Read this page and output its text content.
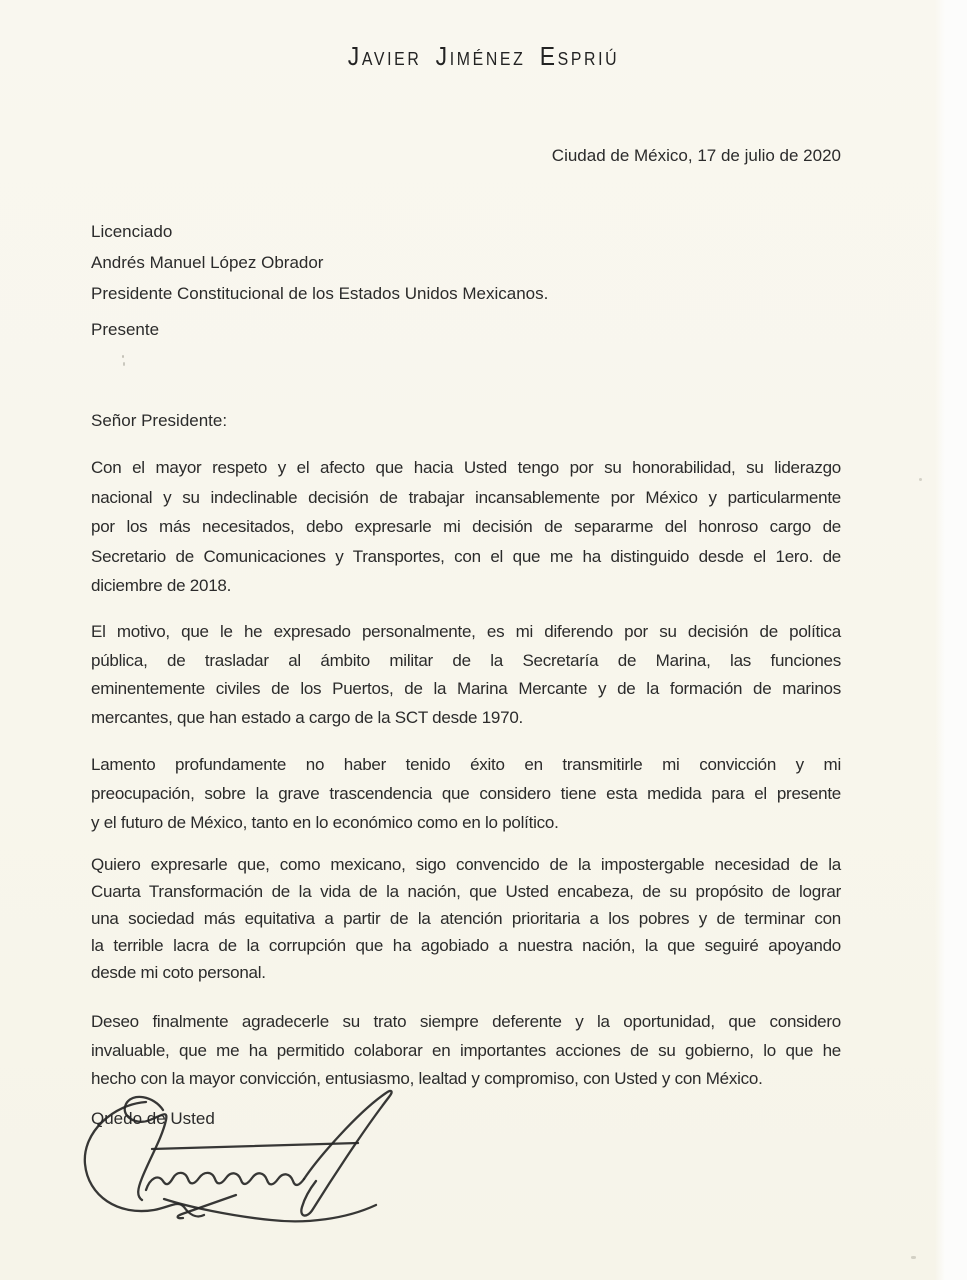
Javier Jiménez Espriú
Ciudad de México, 17 de julio de 2020
Licenciado
Andrés Manuel López Obrador
Presidente Constitucional de los Estados Unidos Mexicanos.
Presente
Señor Presidente:
Con el mayor respeto y el afecto que hacia Usted tengo por su honorabilidad, su liderazgo
nacional y su indeclinable decisión de trabajar incansablemente por México y particularmente
por los más necesitados, debo expresarle mi decisión de separarme del honroso cargo de
Secretario de Comunicaciones y Transportes, con el que me ha distinguido desde el 1ero. de
diciembre de 2018.
El motivo, que le he expresado personalmente, es mi diferendo por su decisión de política
pública, de trasladar al ámbito militar de la Secretaría de Marina, las funciones
eminentemente civiles de los Puertos, de la Marina Mercante y de la formación de marinos
mercantes, que han estado a cargo de la SCT desde 1970.
Lamento profundamente no haber tenido éxito en transmitirle mi convicción y mi
preocupación, sobre la grave trascendencia que considero tiene esta medida para el presente
y el futuro de México, tanto en lo económico como en lo político.
Quiero expresarle que, como mexicano, sigo convencido de la impostergable necesidad de la
Cuarta Transformación de la vida de la nación, que Usted encabeza, de su propósito de lograr
una sociedad más equitativa a partir de la atención prioritaria a los pobres y de terminar con
la terrible lacra de la corrupción que ha agobiado a nuestra nación, la que seguiré apoyando
desde mi coto personal.
Deseo finalmente agradecerle su trato siempre deferente y la oportunidad, que considero
invaluable, que me ha permitido colaborar en importantes acciones de su gobierno, lo que he
hecho con la mayor convicción, entusiasmo, lealtad y compromiso, con Usted y con México.
Quedo de Usted
